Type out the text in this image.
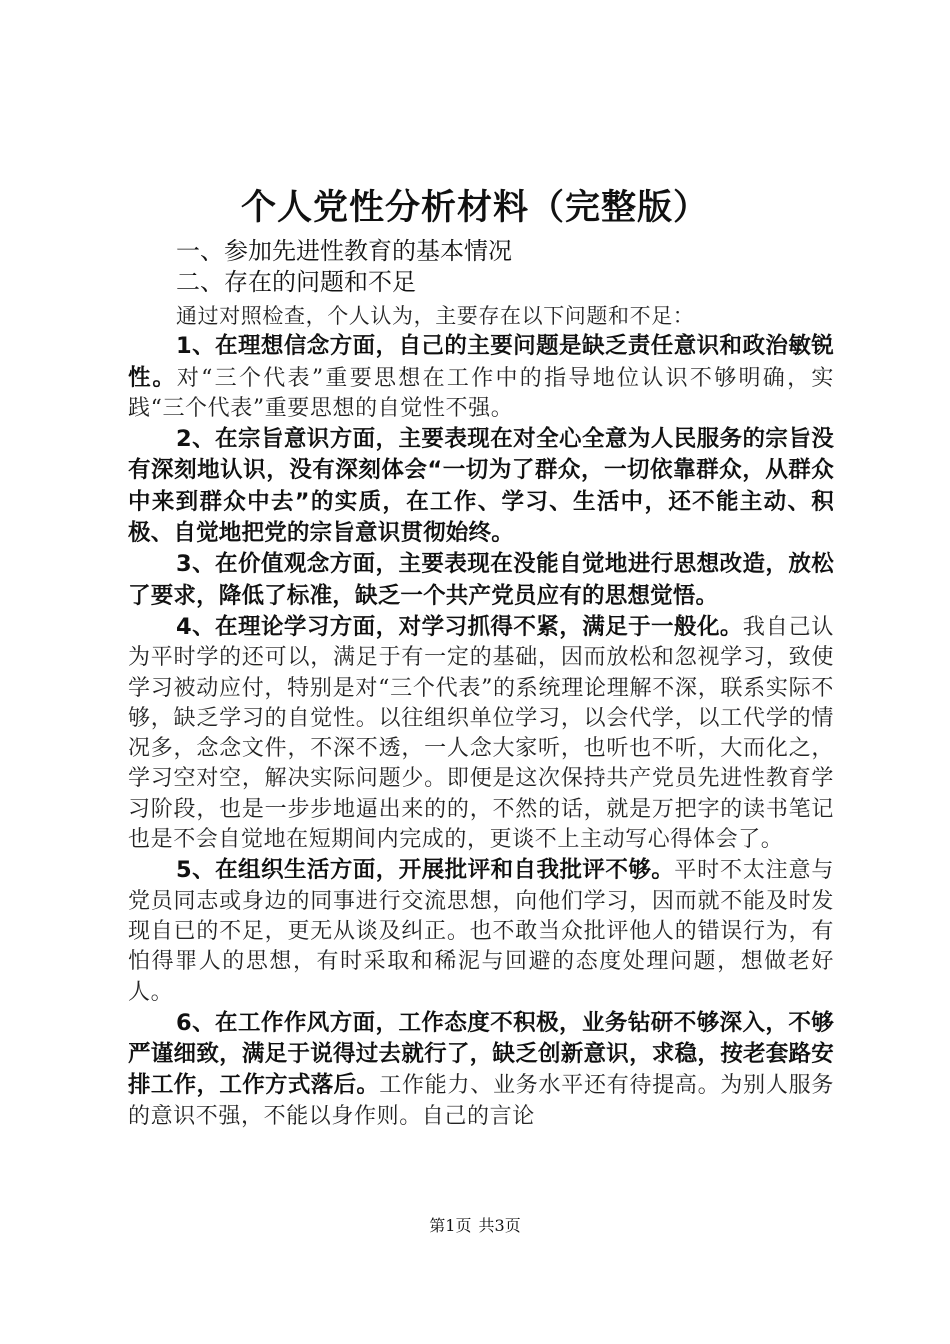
个人党性分析材料（完整版）

一、参加先进性教育的基本情况

二、存在的问题和不足

通过对照检查，个人认为，主要存在以下问题和不足：

1、在理想信念方面，自己的主要问题是缺乏责任意识和政治敏锐性。对“三个代表”重要思想在工作中的指导地位认识不够明确，实践“三个代表”重要思想的自觉性不强。

2、在宗旨意识方面，主要表现在对全心全意为人民服务的宗旨没有深刻地认识，没有深刻体会“一切为了群众，一切依靠群众，从群众中来到群众中去”的实质，在工作、学习、生活中，还不能主动、积极、自觉地把党的宗旨意识贯彻始终。

3、在价值观念方面，主要表现在没能自觉地进行思想改造，放松了要求，降低了标准，缺乏一个共产党员应有的思想觉悟。

4、在理论学习方面，对学习抓得不紧，满足于一般化。我自己认为平时学的还可以，满足于有一定的基础，因而放松和忽视学习，致使学习被动应付，特别是对“三个代表”的系统理论理解不深，联系实际不够，缺乏学习的自觉性。以往组织单位学习，以会代学，以工代学的情况多，念念文件，不深不透，一人念大家听，也听也不听，大而化之，学习空对空，解决实际问题少。即便是这次保持共产党员先进性教育学习阶段，也是一步步地逼出来的的，不然的话，就是万把字的读书笔记也是不会自觉地在短期间内完成的，更谈不上主动写心得体会了。

5、在组织生活方面，开展批评和自我批评不够。平时不太注意与党员同志或身边的同事进行交流思想，向他们学习，因而就不能及时发现自已的不足，更无从谈及纠正。也不敢当众批评他人的错误行为，有怕得罪人的思想，有时采取和稀泥与回避的态度处理问题，想做老好人。

6、在工作作风方面，工作态度不积极，业务钻研不够深入，不够严谨细致，满足于说得过去就行了，缺乏创新意识，求稳，按老套路安排工作，工作方式落后。工作能力、业务水平还有待提高。为别人服务的意识不强，不能以身作则。自己的言论

第1页 共3页
